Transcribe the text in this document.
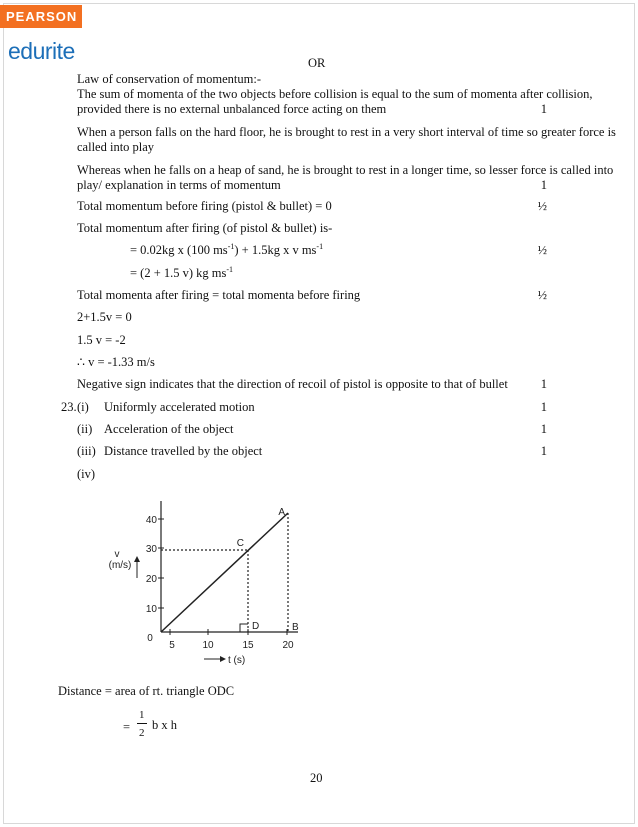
PEARSON
edurite	OR
Law of conservation of momentum:-
The sum of momenta of the two objects before collision is equal to the sum of momenta after collision,
provided there is no external unbalanced force acting on them	1
When a person falls on the hard floor, he is brought to rest in a very short interval of time so greater force is
called into play
Whereas when he falls on a heap of sand, he is brought to rest in a longer time, so lesser force is called into
play/ explanation in terms of momentum	1
Total momentum before firing (pistol & bullet) = 0	½
Total momentum after firing (of pistol & bullet) is-
= 0.02kg x (100 $ms^{-1}) + 1.5kg$ x v $ms^{-1}$	½
= (2 + 1.5 v) kg $ms^{-1}$
Total momenta after firing = total momenta before firing	½
2+1.5v = 0
1.5 v = -2
∴ v = -1.33 m/s
Negative sign indicates that the direction of recoil of pistol is opposite to that of bullet	1
23. (i) Uniformly accelerated motion	1
(ii) Acceleration of the object	1
(iii) Distance travelled by the object	1
(iv)
10
20
30
40
0
5	10	15	20
A
B
C
D
v
(m/s)
t (s)
Distance = area of rt. triangle ODC
=
1
2
b x h
20
